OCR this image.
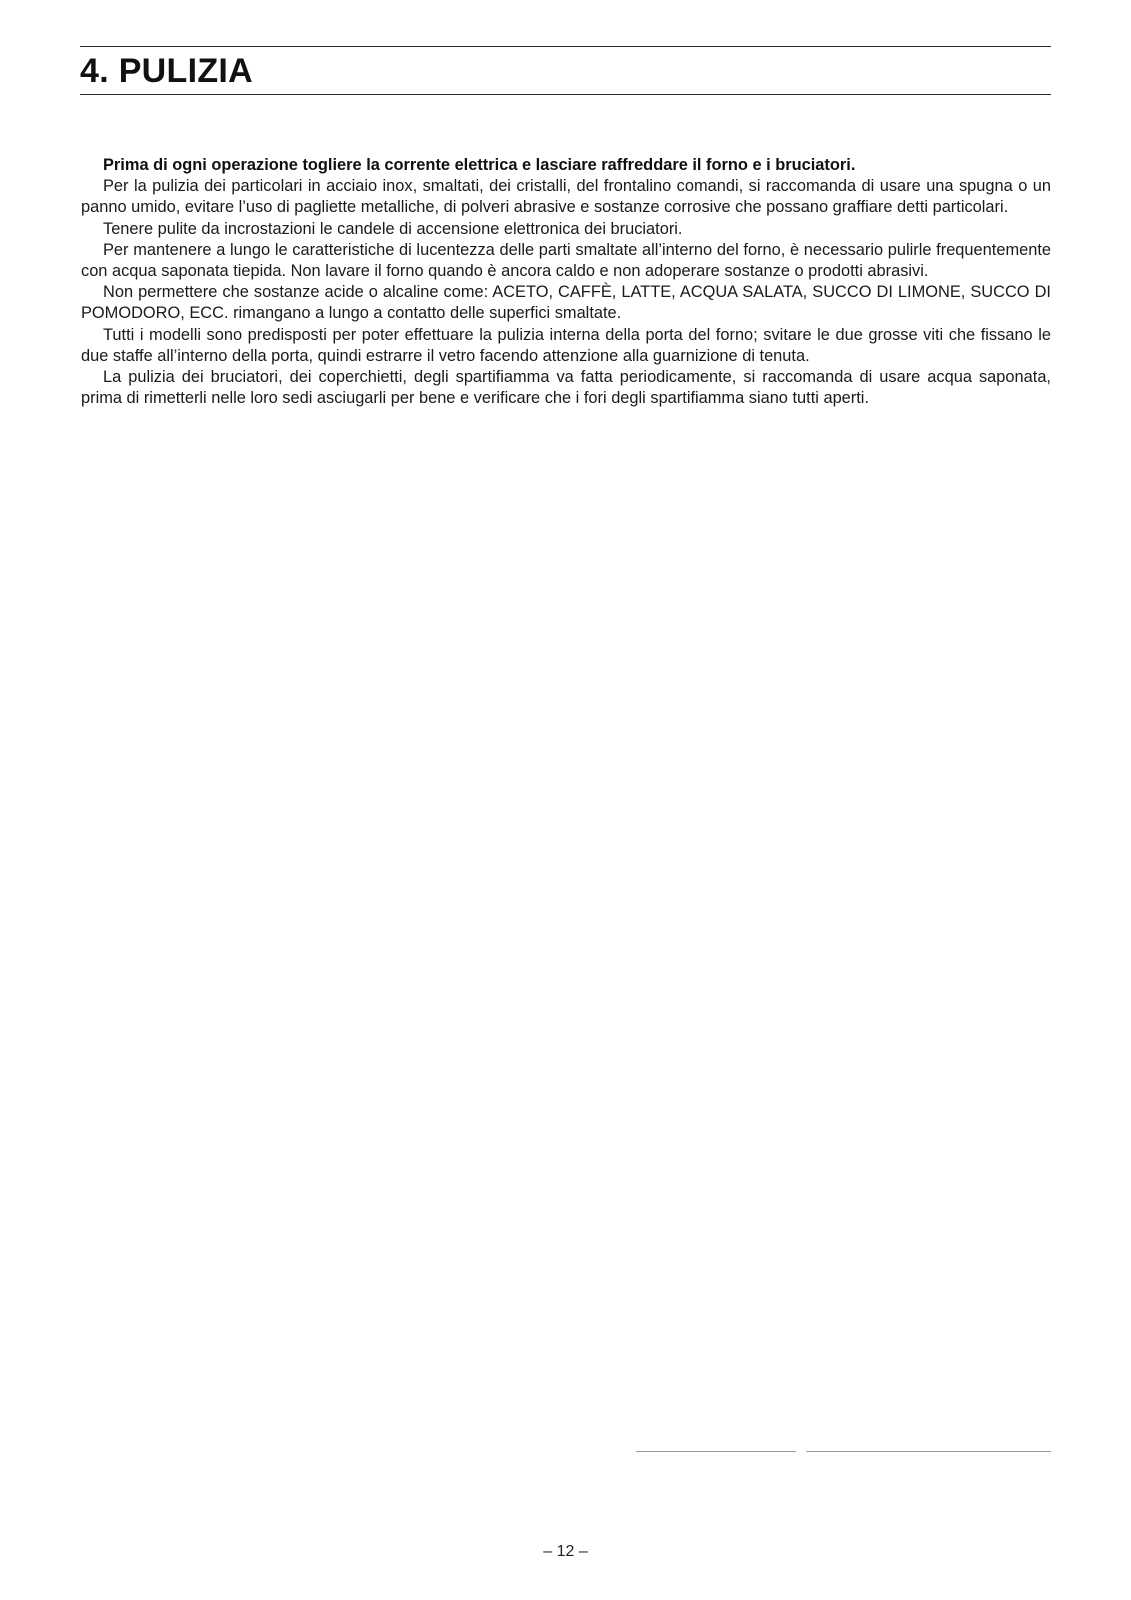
4. PULIZIA

Prima di ogni operazione togliere la corrente elettrica e lasciare raffreddare il forno e i bruciatori.

Per la pulizia dei particolari in acciaio inox, smaltati, dei cristalli, del frontalino comandi, si raccomanda di usare una spugna o un panno umido, evitare l’uso di pagliette metalliche, di polveri abrasive e sostanze corrosive che possano graffiare detti particolari.

Tenere pulite da incrostazioni le candele di accensione elettronica dei bruciatori.

Per mantenere a lungo le caratteristiche di lucentezza delle parti smaltate all’interno del forno, è necessario pulirle frequentemente con acqua saponata tiepida. Non lavare il forno quando è ancora caldo e non adoperare sostanze o prodotti abrasivi.

Non permettere che sostanze acide o alcaline come: ACETO, CAFFÈ, LATTE, ACQUA SALATA, SUCCO DI LIMONE, SUCCO DI POMODORO, ECC. rimangano a lungo a contatto delle superfici smaltate.

Tutti i modelli sono predisposti per poter effettuare la pulizia interna della porta del forno; svitare le due grosse viti che fissano le due staffe all’interno della porta, quindi estrarre il vetro facendo attenzione alla guarnizione di tenuta.

La pulizia dei bruciatori, dei coperchietti, degli spartifiamma va fatta periodicamente, si raccomanda di usare acqua saponata, prima di rimetterli nelle loro sedi asciugarli per bene e verificare che i fori degli spartifiamma siano tutti aperti.

– 12 –
